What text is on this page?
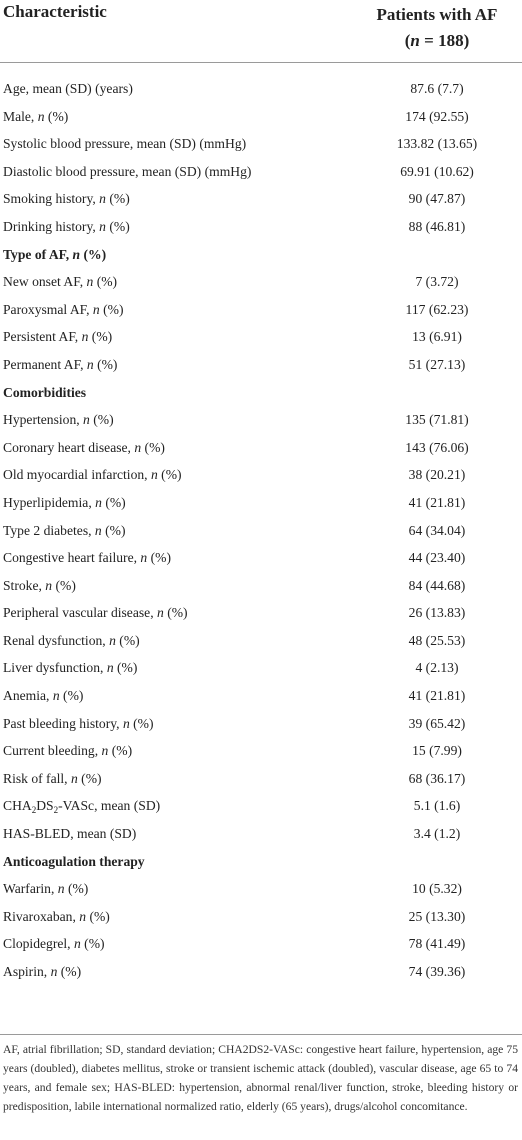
Characteristic	Patients with AF
(n = 188)
Age, mean (SD) (years)	87.6 (7.7)
Male, n (%)	174 (92.55)
Systolic blood pressure, mean (SD) (mmHg)	133.82 (13.65)
Diastolic blood pressure, mean (SD) (mmHg)	69.91 (10.62)
Smoking history, n (%)	90 (47.87)
Drinking history, n (%)	88 (46.81)
Type of AF, n (%)
New onset AF, n (%)	7 (3.72)
Paroxysmal AF, n (%)	117 (62.23)
Persistent AF, n (%)	13 (6.91)
Permanent AF, n (%)	51 (27.13)
Comorbidities
Hypertension, n (%)	135 (71.81)
Coronary heart disease, n (%)	143 (76.06)
Old myocardial infarction, n (%)	38 (20.21)
Hyperlipidemia, n (%)	41 (21.81)
Type 2 diabetes, n (%)	64 (34.04)
Congestive heart failure, n (%)	44 (23.40)
Stroke, n (%)	84 (44.68)
Peripheral vascular disease, n (%)	26 (13.83)
Renal dysfunction, n (%)	48 (25.53)
Liver dysfunction, n (%)	4 (2.13)
Anemia, n (%)	41 (21.81)
Past bleeding history, n (%)	39 (65.42)
Current bleeding, n (%)	15 (7.99)
Risk of fall, n (%)	68 (36.17)
$CHA_2DS_2$-VASc, mean (SD)	5.1 (1.6)
HAS-BLED, mean (SD)	3.4 (1.2)
Anticoagulation therapy
Warfarin, n (%)	10 (5.32)
Rivaroxaban, n (%)	25 (13.30)
Clopidegrel, n (%)	78 (41.49)
Aspirin, n (%)	74 (39.36)
AF, atrial fibrillation; SD, standard deviation; CHA2DS2-VASc: congestive heart failure, hypertension, age 75 years (doubled), diabetes mellitus, stroke or transient ischemic attack (doubled), vascular disease, age 65 to 74 years, and female sex; HAS-BLED: hypertension, abnormal renal/liver function, stroke, bleeding history or predisposition, labile international normalized ratio, elderly (65 years), drugs/alcohol concomitance.
